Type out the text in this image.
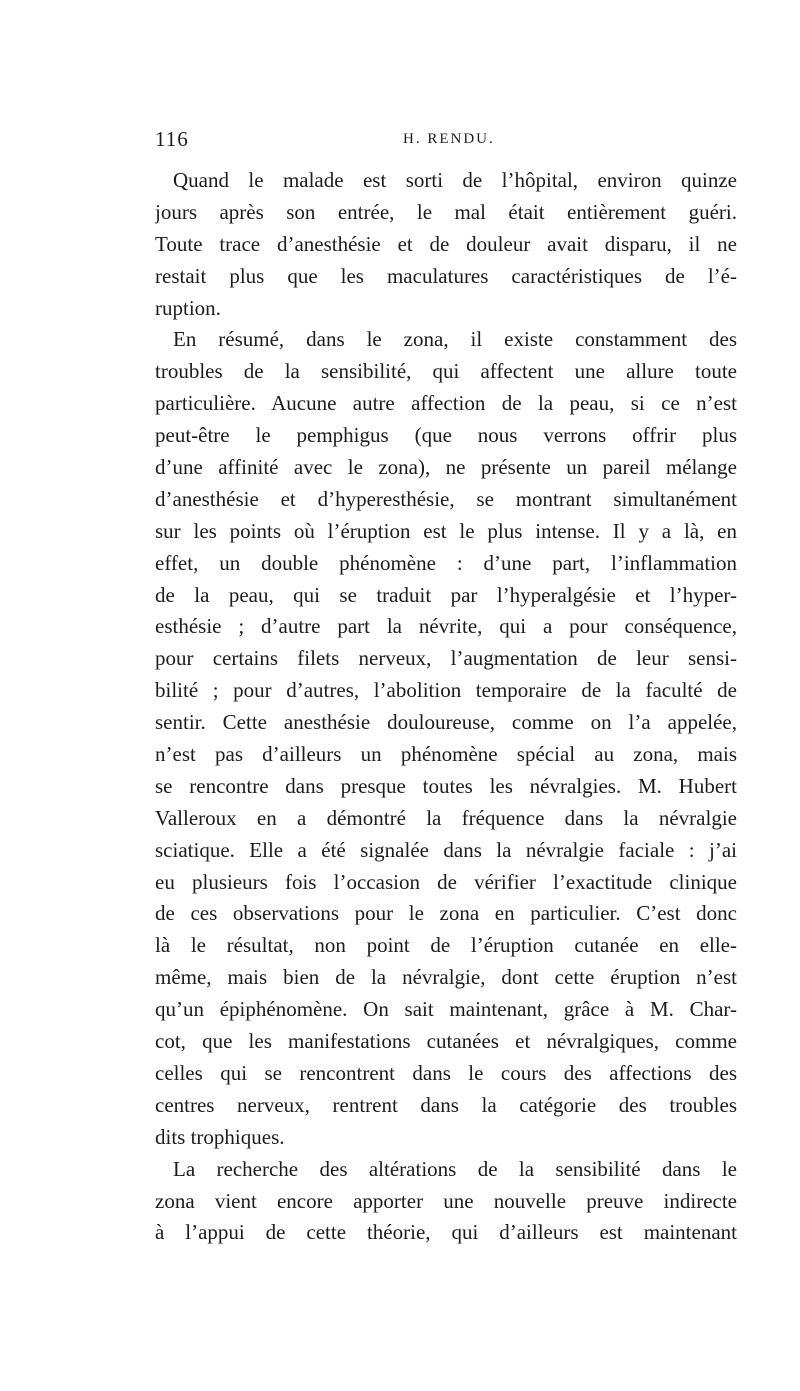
116	H. RENDU.
Quand le malade est sorti de l’hôpital, environ quinze
jours après son entrée, le mal était entièrement guéri.
Toute trace d’anesthésie et de douleur avait disparu, il ne
restait plus que les maculatures caractéristiques de l’é-
ruption.
En résumé, dans le zona, il existe constamment des
troubles de la sensibilité, qui affectent une allure toute
particulière. Aucune autre affection de la peau, si ce n’est
peut-être le pemphigus (que nous verrons offrir plus
d’une affinité avec le zona), ne présente un pareil mélange
d’anesthésie et d’hyperesthésie, se montrant simultanément
sur les points où l’éruption est le plus intense. Il y a là, en
effet, un double phénomène : d’une part, l’inflammation
de la peau, qui se traduit par l’hyperalgésie et l’hyper-
esthésie ; d’autre part la névrite, qui a pour conséquence,
pour certains filets nerveux, l’augmentation de leur sensi-
bilité ; pour d’autres, l’abolition temporaire de la faculté de
sentir. Cette anesthésie douloureuse, comme on l’a appelée,
n’est pas d’ailleurs un phénomène spécial au zona, mais
se rencontre dans presque toutes les névralgies. M. Hubert
Valleroux en a démontré la fréquence dans la névralgie
sciatique. Elle a été signalée dans la névralgie faciale : j’ai
eu plusieurs fois l’occasion de vérifier l’exactitude clinique
de ces observations pour le zona en particulier. C’est donc
là le résultat, non point de l’éruption cutanée en elle-
même, mais bien de la névralgie, dont cette éruption n’est
qu’un épiphénomène. On sait maintenant, grâce à M. Char-
cot, que les manifestations cutanées et névralgiques, comme
celles qui se rencontrent dans le cours des affections des
centres nerveux, rentrent dans la catégorie des troubles
dits trophiques.
La recherche des altérations de la sensibilité dans le
zona vient encore apporter une nouvelle preuve indirecte
à l’appui de cette théorie, qui d’ailleurs est maintenant
